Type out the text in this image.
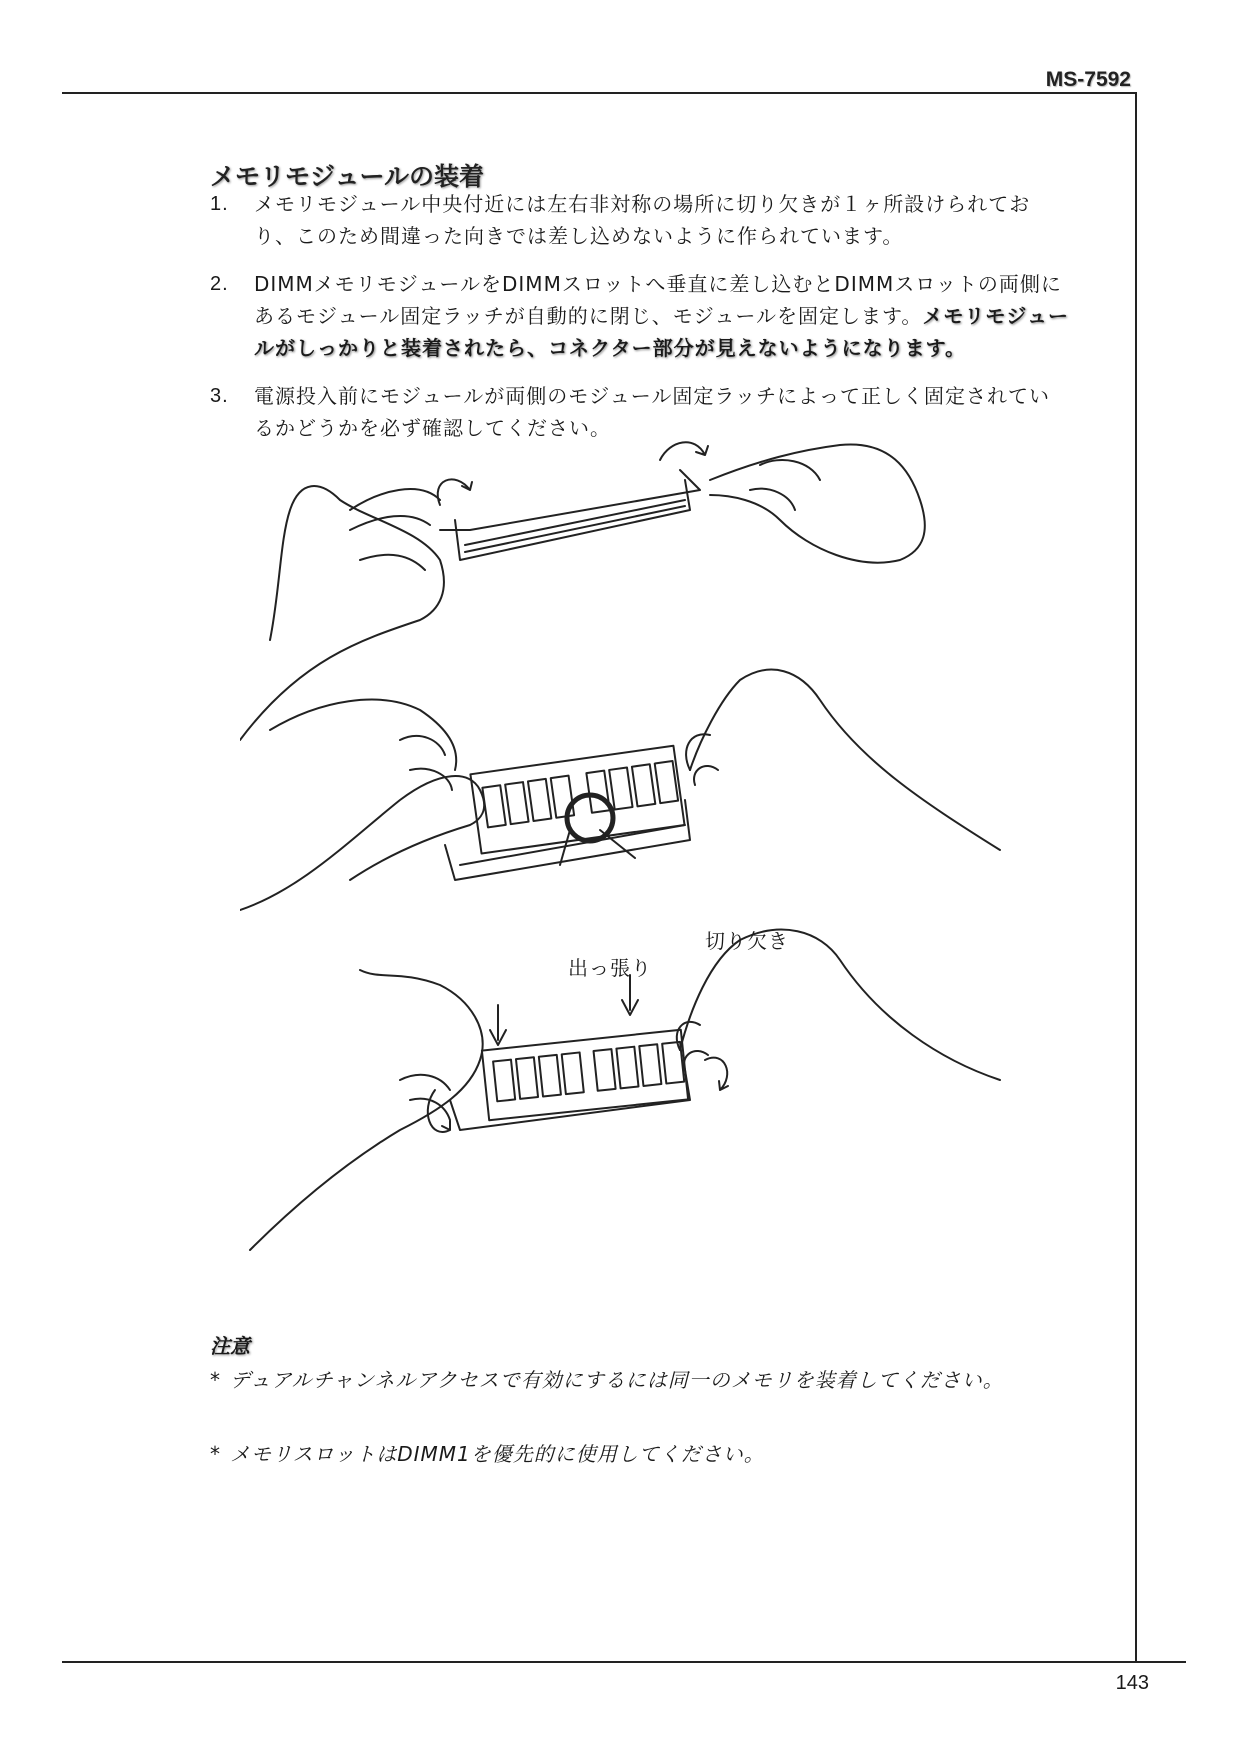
MS-7592
メモリモジュールの装着
1. メモリモジュール中央付近には左右非対称の場所に切り欠きが１ヶ所設けられており、このため間違った向きでは差し込めないように作られています。
2. DIMMメモリモジュールをDIMMスロットへ垂直に差し込むとDIMMスロットの両側にあるモジュール固定ラッチが自動的に閉じ、モジュールを固定します。メモリモジュールがしっかりと装着されたら、コネクター部分が見えないようになります。
3. 電源投入前にモジュールが両側のモジュール固定ラッチによって正しく固定されているかどうかを必ず確認してください。
切り欠き
出っ張り
注意
* デュアルチャンネルアクセスで有効にするには同一のメモリを装着してください。
* メモリスロットはDIMM1を優先的に使用してください。
143
